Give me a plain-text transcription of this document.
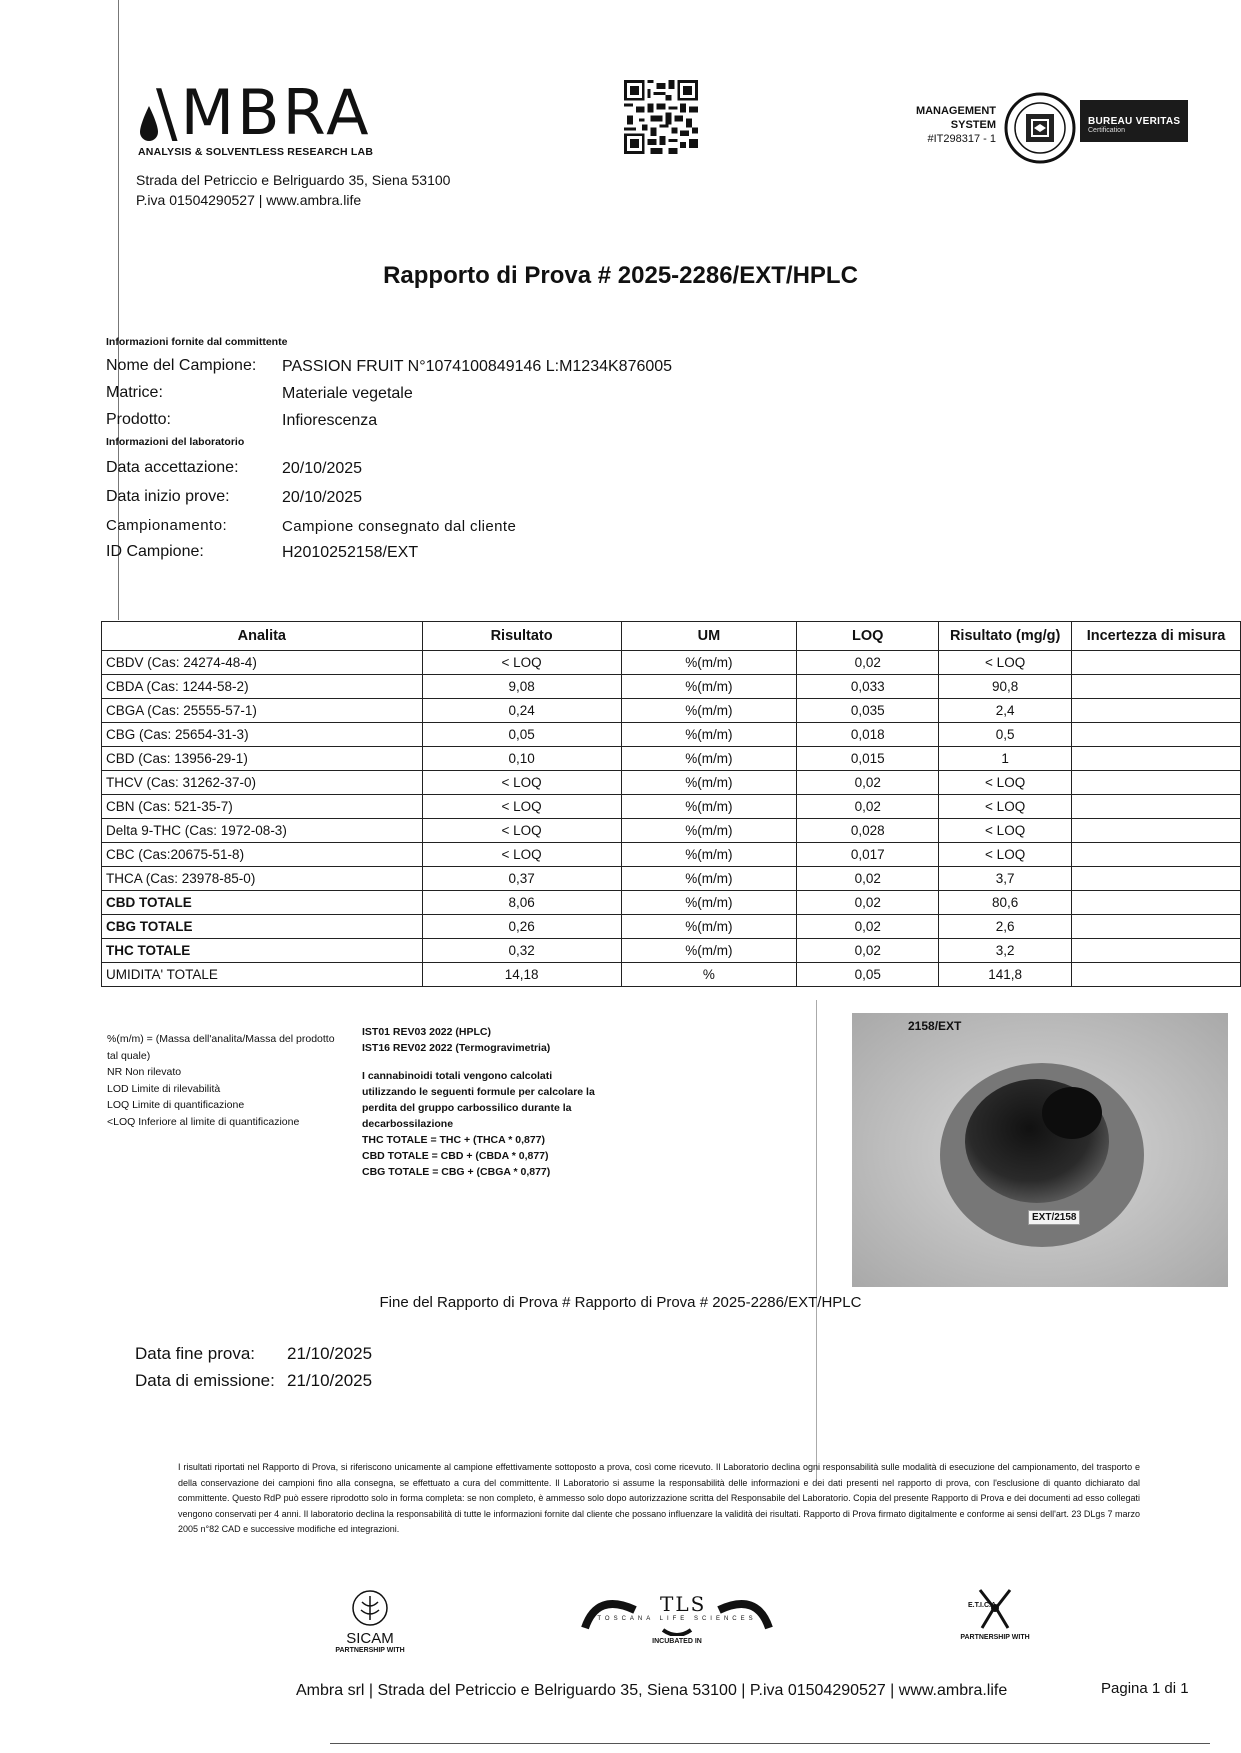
\ MBRA
ANALYSIS & SOLVENTLESS RESEARCH LAB
Strada del Petriccio e Belriguardo 35, Siena 53100
P.iva 01504290527 | www.ambra.life
MANAGEMENT
SYSTEM
#IT298317 - 1
BUREAU VERITAS
Certification
Rapporto di Prova # 2025-2286/EXT/HPLC
Informazioni fornite dal committente
Nome del Campione: PASSION FRUIT N°1074100849146 L:M1234K876005
Matrice:	Materiale vegetale
Prodotto:	Infiorescenza
Informazioni del laboratorio
Data accettazione:	20/10/2025
Data inizio prove:	20/10/2025
Campionamento:	Campione consegnato dal cliente
ID Campione:	H2010252158/EXT
Analita	Risultato	UM	LOQ	Risultato (mg/g)	Incertezza di misura
CBDV (Cas: 24274-48-4)	< LOQ	%(m/m)	0,02	< LOQ	
CBDA (Cas: 1244-58-2)	9,08	%(m/m)	0,033	90,8	
CBGA (Cas: 25555-57-1)	0,24	%(m/m)	0,035	2,4	
CBG (Cas: 25654-31-3)	0,05	%(m/m)	0,018	0,5	
CBD (Cas: 13956-29-1)	0,10	%(m/m)	0,015	1	
THCV (Cas: 31262-37-0)	< LOQ	%(m/m)	0,02	< LOQ	
CBN (Cas: 521-35-7)	< LOQ	%(m/m)	0,02	< LOQ	
Delta 9-THC (Cas: 1972-08-3)	< LOQ	%(m/m)	0,028	< LOQ	
CBC (Cas:20675-51-8)	< LOQ	%(m/m)	0,017	< LOQ	
THCA (Cas: 23978-85-0)	0,37	%(m/m)	0,02	3,7	
CBD TOTALE	8,06	%(m/m)	0,02	80,6	
CBG TOTALE	0,26	%(m/m)	0,02	2,6	
THC TOTALE	0,32	%(m/m)	0,02	3,2	
UMIDITA' TOTALE	14,18	%	0,05	141,8	
%(m/m) = (Massa dell'analita/Massa del prodotto tal quale)
NR Non rilevato
LOD Limite di rilevabilità
LOQ Limite di quantificazione
<LOQ Inferiore al limite di quantificazione
IST01 REV03 2022 (HPLC)
IST16 REV02 2022 (Termogravimetria)
I cannabinoidi totali vengono calcolati utilizzando le seguenti formule per calcolare la perdita del gruppo carbossilico durante la decarbossilazione
THC TOTALE = THC + (THCA * 0,877)
CBD TOTALE = CBD + (CBDA * 0,877)
CBG TOTALE = CBG + (CBGA * 0,877)
2158/EXT
EXT/2158
Fine del Rapporto di Prova # Rapporto di Prova # 2025-2286/EXT/HPLC
Data fine prova:	21/10/2025
Data di emissione: 21/10/2025
I risultati riportati nel Rapporto di Prova, si riferiscono unicamente al campione effettivamente sottoposto a prova, così come ricevuto. Il Laboratorio declina ogni responsabilità sulle modalità di esecuzione del campionamento, del trasporto e della conservazione dei campioni fino alla consegna, se effettuato a cura del committente. Il Laboratorio si assume la responsabilità delle informazioni e dei dati presenti nel rapporto di prova, con l'esclusione di quanto dichiarato dal committente. Questo RdP può essere riprodotto solo in forma completa: se non completo, è ammesso solo dopo autorizzazione scritta del Responsabile del Laboratorio. Copia del presente Rapporto di Prova e dei documenti ad esso collegati vengono conservati per 4 anni. Il laboratorio declina la responsabilità di tutte le informazioni fornite dal cliente che possano influenzare la validità dei risultati. Rapporto di Prova firmato digitalmente e conforme ai sensi dell'art. 23 DLgs 7 marzo 2005 n°82 CAD e successive modifiche ed integrazioni.
SICAM
PARTNERSHIP WITH
TLS
TOSCANA LIFE SCIENCES
INCUBATED IN
E.T.I.C.A.
PARTNERSHIP WITH
Ambra srl | Strada del Petriccio e Belriguardo 35, Siena 53100 | P.iva 01504290527 | www.ambra.life	Pagina 1 di 1
